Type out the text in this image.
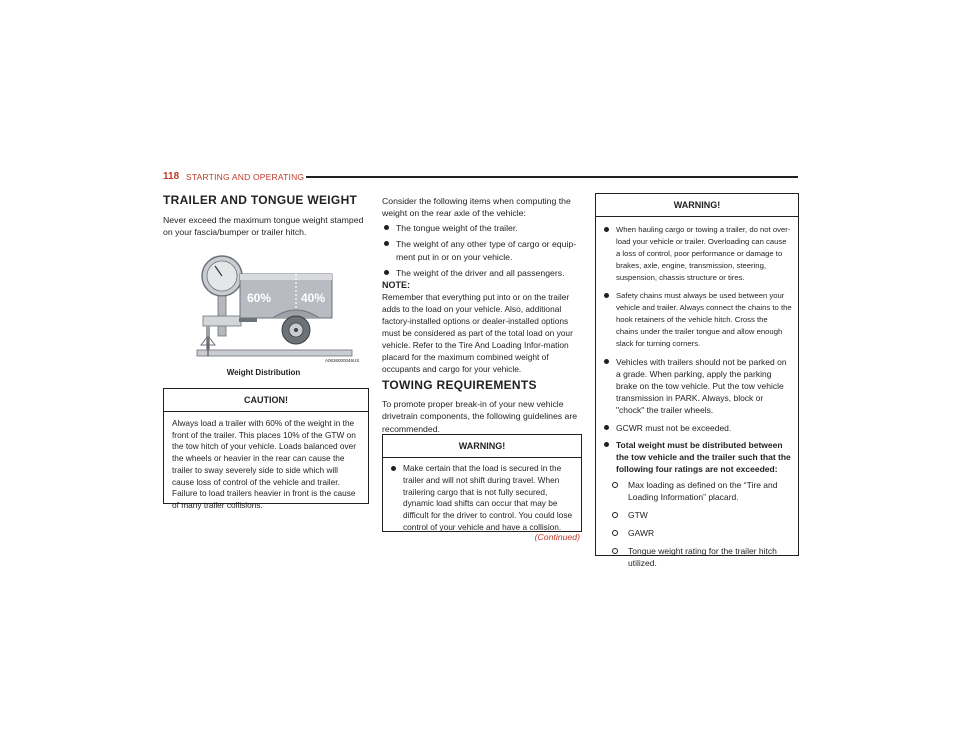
118 STARTING AND OPERATING
TRAILER AND TONGUE WEIGHT
Never exceed the maximum tongue weight stamped on your fascia/bumper or trailer hitch.
60% 40%
A0636000046US
Weight Distribution
CAUTION!
Always load a trailer with 60% of the weight in the front of the trailer. This places 10% of the GTW on the tow hitch of your vehicle. Loads balanced over the wheels or heavier in the rear can cause the trailer to sway severely side to side which will cause loss of control of the vehicle and trailer. Failure to load trailers heavier in front is the cause of many trailer collisions.
Consider the following items when computing the weight on the rear axle of the vehicle:
The tongue weight of the trailer.
The weight of any other type of cargo or equip-ment put in or on your vehicle.
The weight of the driver and all passengers.
NOTE:
Remember that everything put into or on the trailer adds to the load on your vehicle. Also, additional factory-installed options or dealer-installed options must be considered as part of the total load on your vehicle. Refer to the Tire And Loading Infor-mation placard for the maximum combined weight of occupants and cargo for your vehicle.
TOWING REQUIREMENTS
To promote proper break-in of your new vehicle drivetrain components, the following guidelines are recommended.
WARNING!
Make certain that the load is secured in the trailer and will not shift during travel. When trailering cargo that is not fully secured, dynamic load shifts can occur that may be difficult for the driver to control. You could lose control of your vehicle and have a collision.
(Continued)
WARNING!
When hauling cargo or towing a trailer, do not over-load your vehicle or trailer. Overloading can cause a loss of control, poor performance or damage to brakes, axle, engine, transmission, steering, suspension, chassis structure or tires.
Safety chains must always be used between your vehicle and trailer. Always connect the chains to the hook retainers of the vehicle hitch. Cross the chains under the trailer tongue and allow enough slack for turning corners.
Vehicles with trailers should not be parked on a grade. When parking, apply the parking brake on the tow vehicle. Put the tow vehicle transmission in PARK. Always, block or "chock" the trailer wheels.
GCWR must not be exceeded.
Total weight must be distributed between the tow vehicle and the trailer such that the following four ratings are not exceeded:
Max loading as defined on the “Tire and Loading Information” placard.
GTW
GAWR
Tongue weight rating for the trailer hitch utilized.
